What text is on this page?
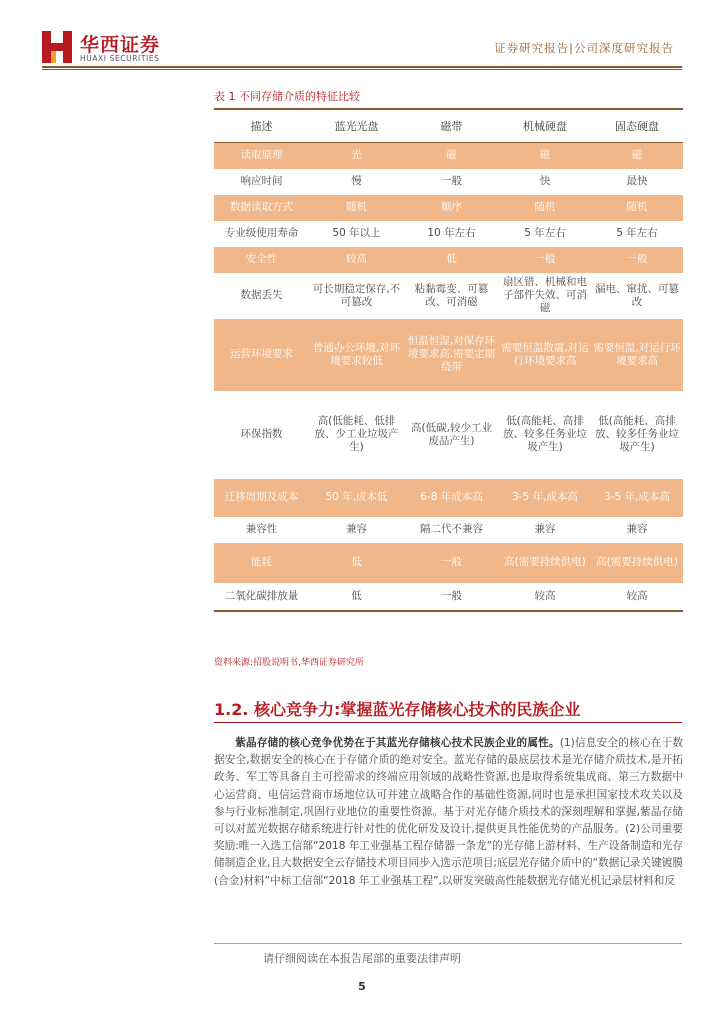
华西证券
HUAXI SECURITIES
证券研究报告|公司深度研究报告
表 1 不同存储介质的特征比较
描述	蓝光光盘	磁带	机械硬盘	固态硬盘
读取原理	光	磁	磁	磁
响应时间	慢	一般	快	最快
数据读取方式	随机	顺序	随机	随机
专业级使用寿命	50 年以上	10 年左右	5 年左右	5 年左右
安全性	较高	低	一般	一般
数据丢失	可长期稳定保存,不可篡改	粘黏霉变、可篡改、可消磁	扇区错、机械和电子部件失效、可消磁	漏电、窜扰、可篡改
运营环境要求	普通办公环境,对环境要求较低	恒温恒湿,对保存环境要求高,需要定期绕带	需要恒温散震,对运行环境要求高	需要恒温,对运行环境要求高
环保指数	高(低能耗、低排放、少工业垃圾产生)	高(低碳,较少工业废品产生)	低(高能耗、高排放、较多任务业垃圾产生)	低(高能耗、高排放、较多任务业垃圾产生)
迁移周期及成本	50 年,成本低	6-8 年成本高	3-5 年,成本高	3-5 年,成本高
兼容性	兼容	隔二代不兼容	兼容	兼容
能耗	低	一般	高(需要持续供电)	高(需要持续供电)
二氧化碳排放量	低	一般	较高	较高
资料来源:招股说明书,华西证券研究所
1.2. 核心竞争力:掌握蓝光存储核心技术的民族企业

紫晶存储的核心竞争优势在于其蓝光存储核心技术民族企业的属性。(1)信息安全的核心在于数据安全,数据安全的核心在于存储介质的绝对安全。蓝光存储的最底层技术是光存储介质技术,是开拓政务、军工等具备自主可控需求的终端应用领域的战略性资源,也是取得系统集成商、第三方数据中心运营商、电信运营商市场地位认可并建立战略合作的基础性资源,同时也是承担国家技术攻关以及参与行业标准制定,巩固行业地位的重要性资源。基于对光存储介质技术的深刻理解和掌握,紫晶存储可以对蓝光数据存储系统进行针对性的优化研发及设计,提供更具性能优势的产品服务。(2)公司重要奖励:唯一入选工信部“2018 年工业强基工程存储器一条龙”的光存储上游材料、生产设备制造和光存储制造企业,且大数据安全云存储技术项目同步入选示范项目;底层光存储介质中的“数据记录关键镀膜(合金)材料”中标工信部“2018 年工业强基工程”,以研发突破高性能数据光存储光机记录层材料和反

请仔细阅读在本报告尾部的重要法律声明
5
